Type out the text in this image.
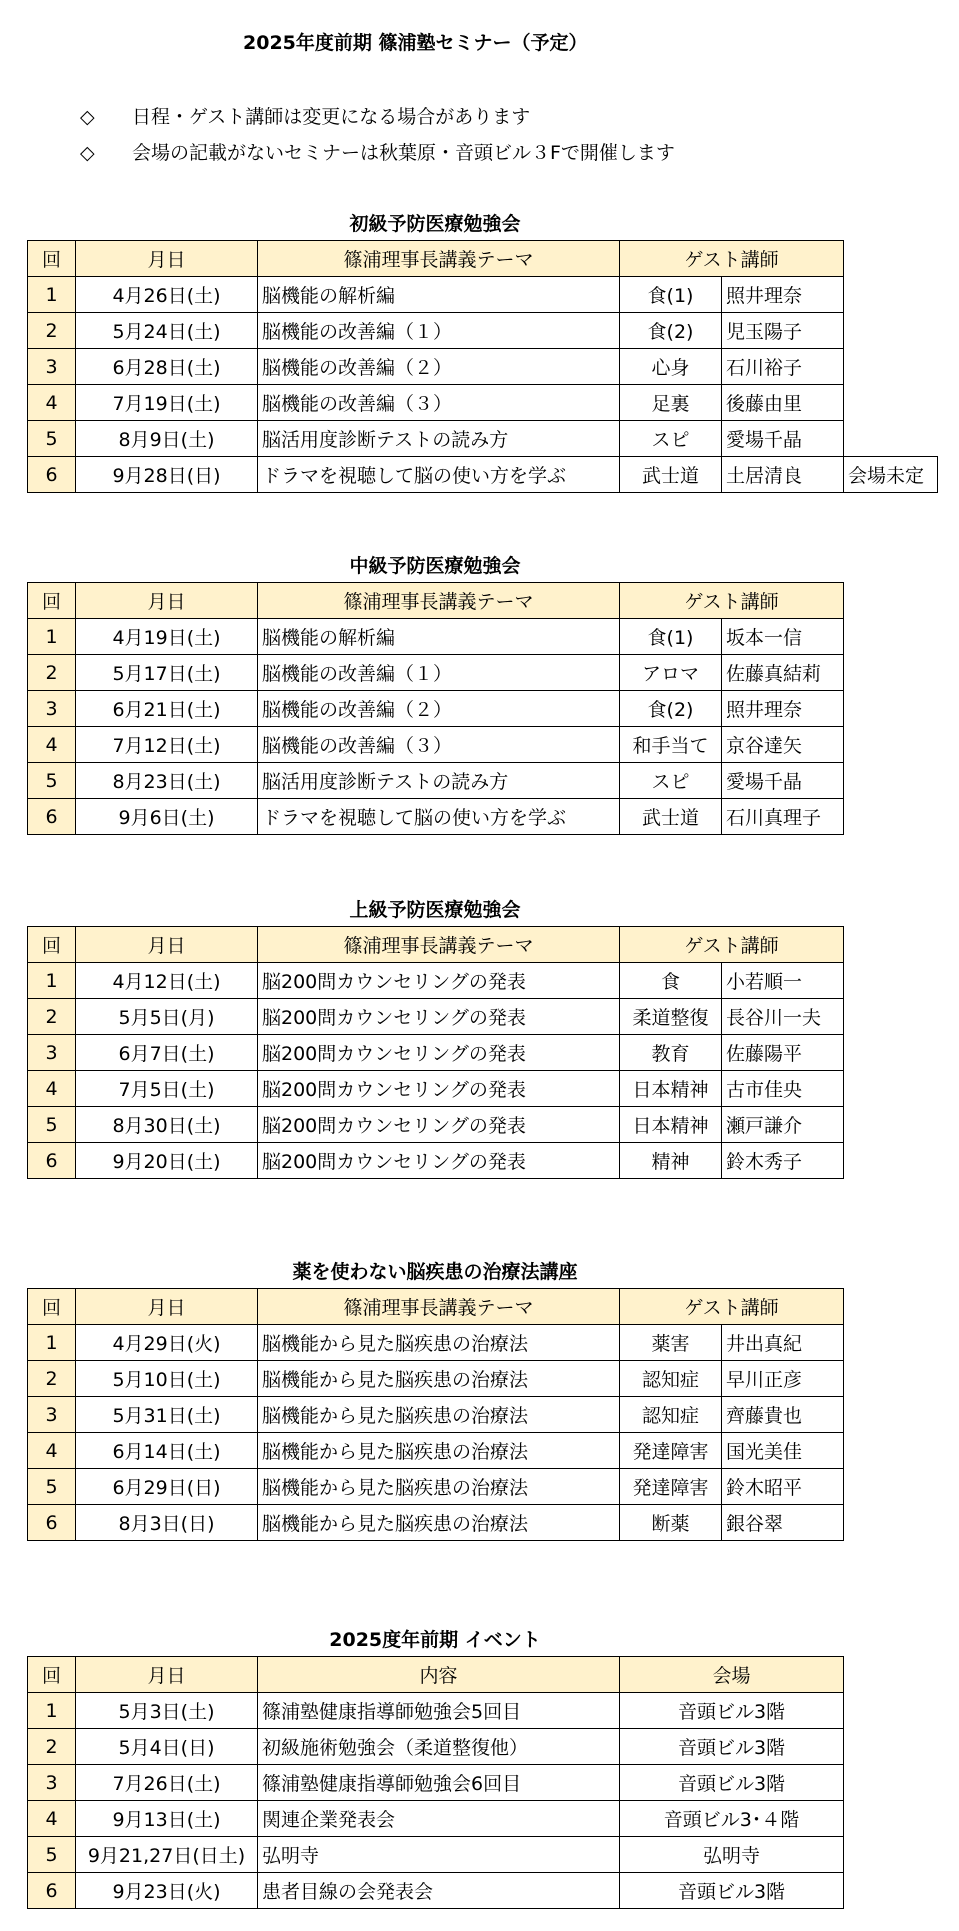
2025年度前期 篠浦塾セミナー（予定）
◇ 日程・ゲスト講師は変更になる場合があります
◇ 会場の記載がないセミナーは秋葉原・音頭ビル３Fで開催します
初級予防医療勉強会
回	月日	篠浦理事長講義テーマ	ゲスト講師		
1	4月26日(土)	脳機能の解析編	食(1)	照井理奈	
2	5月24日(土)	脳機能の改善編（１）	食(2)	児玉陽子	
3	6月28日(土)	脳機能の改善編（２）	心身	石川裕子	
4	7月19日(土)	脳機能の改善編（３）	足裏	後藤由里	
5	8月9日(土)	脳活用度診断テストの読み方	スピ	愛場千晶	
6	9月28日(日)	ドラマを視聴して脳の使い方を学ぶ	武士道	土居清良	会場未定
中級予防医療勉強会
回	月日	篠浦理事長講義テーマ	ゲスト講師	
1	4月19日(土)	脳機能の解析編	食(1)	坂本一信
2	5月17日(土)	脳機能の改善編（１）	アロマ	佐藤真結莉
3	6月21日(土)	脳機能の改善編（２）	食(2)	照井理奈
4	7月12日(土)	脳機能の改善編（３）	和手当て	京谷達矢
5	8月23日(土)	脳活用度診断テストの読み方	スピ	愛場千晶
6	9月6日(土)	ドラマを視聴して脳の使い方を学ぶ	武士道	石川真理子
上級予防医療勉強会
回	月日	篠浦理事長講義テーマ	ゲスト講師	
1	4月12日(土)	脳200問カウンセリングの発表	食	小若順一
2	5月5日(月)	脳200問カウンセリングの発表	柔道整復	長谷川一夫
3	6月7日(土)	脳200問カウンセリングの発表	教育	佐藤陽平
4	7月5日(土)	脳200問カウンセリングの発表	日本精神	古市佳央
5	8月30日(土)	脳200問カウンセリングの発表	日本精神	瀬戸謙介
6	9月20日(土)	脳200問カウンセリングの発表	精神	鈴木秀子
薬を使わない脳疾患の治療法講座
回	月日	篠浦理事長講義テーマ	ゲスト講師	
1	4月29日(火)	脳機能から見た脳疾患の治療法	薬害	井出真紀
2	5月10日(土)	脳機能から見た脳疾患の治療法	認知症	早川正彦
3	5月31日(土)	脳機能から見た脳疾患の治療法	認知症	齊藤貴也
4	6月14日(土)	脳機能から見た脳疾患の治療法	発達障害	国光美佳
5	6月29日(日)	脳機能から見た脳疾患の治療法	発達障害	鈴木昭平
6	8月3日(日)	脳機能から見た脳疾患の治療法	断薬	銀谷翠
2025度年前期 イベント
回	月日	内容	会場
1	5月3日(土)	篠浦塾健康指導師勉強会5回目	音頭ビル3階
2	5月4日(日)	初級施術勉強会（柔道整復他）	音頭ビル3階
3	7月26日(土)	篠浦塾健康指導師勉強会6回目	音頭ビル3階
4	9月13日(土)	関連企業発表会	音頭ビル3･４階
5	9月21,27日(日土)	弘明寺	弘明寺
6	9月23日(火)	患者目線の会発表会	音頭ビル3階
